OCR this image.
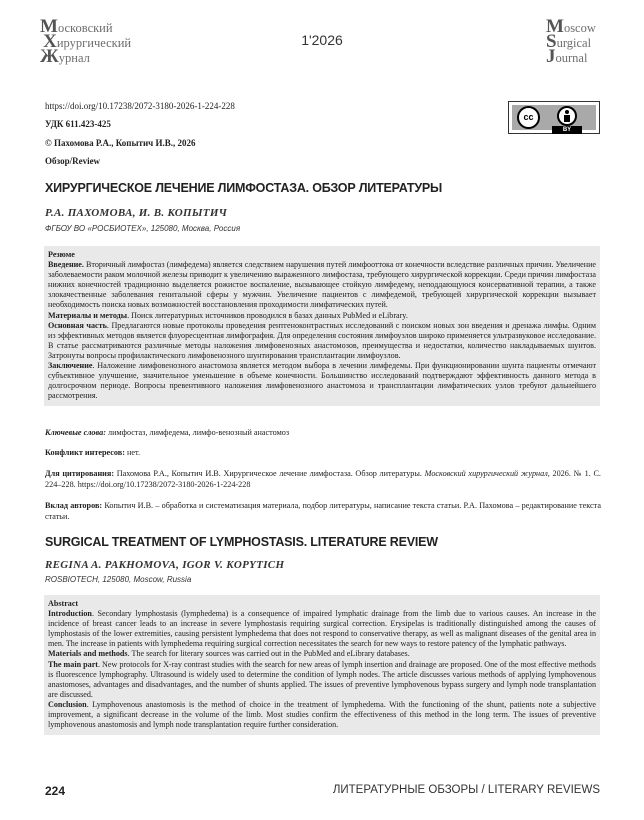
Московский
Хирургический
Журнал
1'2026
Moscow
Surgical
Journal
https://doi.org/10.17238/2072-3180-2026-1-224-228
УДК 611.423-425
© Пахомова Р.А., Копытич И.В., 2026
Обзор/Review
cc
BY
ХИРУРГИЧЕСКОЕ ЛЕЧЕНИЕ ЛИМФОСТАЗА. ОБЗОР ЛИТЕРАТУРЫ
Р.А. ПАХОМОВА, И. В. КОПЫТИЧ
ФГБОУ ВО «РОСБИОТЕХ», 125080, Москва, Россия

Резюме

Введение. Вторичный лимфостаз (лимфедема) является следствием нарушения путей лимфооттока от конечности вследствие различных причин. Увеличение заболеваемости раком молочной железы приводит к увеличению выраженного лимфостаза, требующего хирургической коррекции. Среди причин лимфостаза нижних конечностей традиционно выделяется рожистое воспаление, вызывающее стойкую лимфедему, неподдающуюся консервативной терапии, а также злокачественные заболевания генитальной сферы у мужчин. Увеличение пациентов с лимфедемой, требующей хирургической коррекции вызывает необходимость поиска новых возможностей восстановления проходимости лимфатических путей.

Материалы и методы. Поиск литературных источников проводился в базах данных PubMed и eLibrary.

Основная часть. Предлагаются новые протоколы проведения рентгеноконтрастных исследований с поиском новых зон введения и дренажа лимфы. Одним из эффективных методов является флуоресцентная лимфография. Для определения состояния лимфоузлов широко применяется ультразвуковое исследование. В статье рассматриваются различные методы наложения лимфовенозных анастомозов, преимущества и недостатки, количество накладываемых шунтов. Затронуты вопросы профилактического лимфовенозного шунтирования трансплантации лимфоузлов.

Заключение. Наложение лимфовенозного анастомоза является методом выбора в лечении лимфедемы. При функционировании шунта пациенты отмечают субъективное улучшение, значительное уменьшение в объеме конечности. Большинство исследований подтверждают эффективность данного метода в долгосрочном периоде. Вопросы превентивного наложения лимфовенозного анастомоза и трансплантации лимфатических узлов требуют дальнейшего рассмотрения.

Ключевые слова: лимфостаз, лимфедема, лимфо-венозный анастомоз
Конфликт интересов: нет.
Для цитирования: Пахомова Р.А., Копытич И.В. Хирургическое лечение лимфостаза. Обзор литературы. Московский хирургический журнал, 2026. № 1. С. 224–228. https://doi.org/10.17238/2072-3180-2026-1-224-228
Вклад авторов: Копытич И.В. – обработка и систематизация материала, подбор литературы, написание текста статьи. Р.А. Пахомова – редактирование текста статьи.
SURGICAL TREATMENT OF LYMPHOSTASIS. LITERATURE REVIEW
REGINA A. PAKHOMOVA, IGOR V. KOPYTICH
ROSBIOTECH, 125080, Moscow, Russia

Abstract

Introduction. Secondary lymphostasis (lymphedema) is a consequence of impaired lymphatic drainage from the limb due to various causes. An increase in the incidence of breast cancer leads to an increase in severe lymphostasis requiring surgical correction. Erysipelas is traditionally distinguished among the causes of lymphostasis of the lower extremities, causing persistent lymphedema that does not respond to conservative therapy, as well as malignant diseases of the genital area in men. The increase in patients with lymphedema requiring surgical correction necessitates the search for new ways to restore patency of the lymphatic pathways.

Materials and methods. The search for literary sources was carried out in the PubMed and eLibrary databases.

The main part. New protocols for X-ray contrast studies with the search for new areas of lymph insertion and drainage are proposed. One of the most effective methods is fluorescence lymphography. Ultrasound is widely used to determine the condition of lymph nodes. The article discusses various methods of applying lymphovenous anastomoses, advantages and disadvantages, and the number of shunts applied. The issues of preventive lymphovenous bypass surgery and lymph node transplantation are discussed.

Conclusion. Lymphovenous anastomosis is the method of choice in the treatment of lymphedema. With the functioning of the shunt, patients note a subjective improvement, a significant decrease in the volume of the limb. Most studies confirm the effectiveness of this method in the long term. The issues of preventive lymphovenous anastomosis and lymph node transplantation require further consideration.

224	ЛИТЕРАТУРНЫЕ ОБЗОРЫ / LITERARY REVIEWS
